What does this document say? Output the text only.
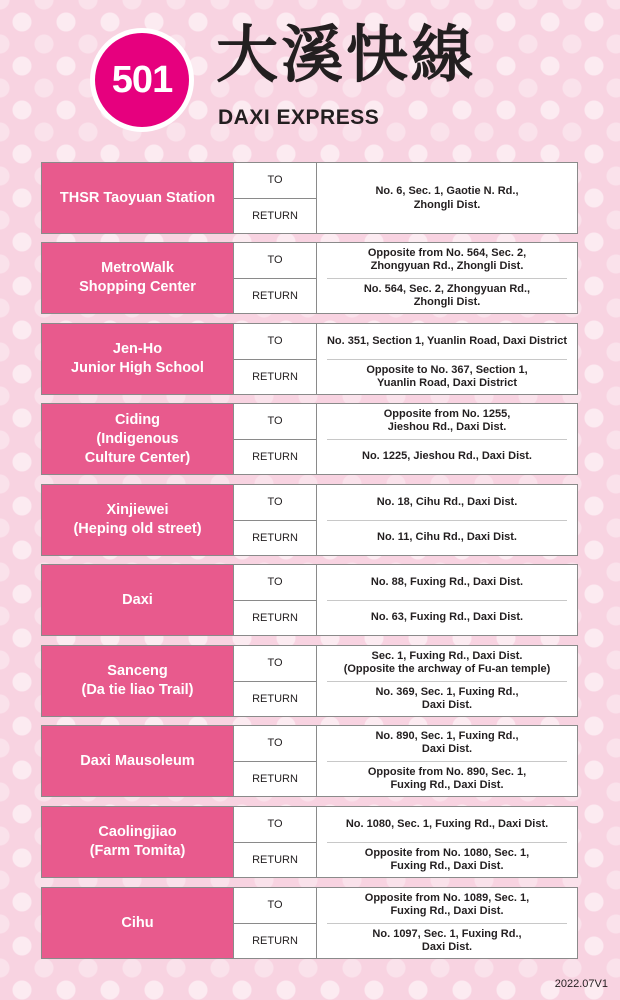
501 大溪快線
DAXI EXPRESS
THSR Taoyuan Station
TO
RETURN
No. 6, Sec. 1, Gaotie N. Rd.,
Zhongli Dist.
MetroWalk
Shopping Center
TO
RETURN
Opposite from No. 564, Sec. 2,
Zhongyuan Rd., Zhongli Dist.
No. 564, Sec. 2, Zhongyuan Rd.,
Zhongli Dist.
Jen-Ho
Junior High School
TO
RETURN
No. 351, Section 1, Yuanlin Road, Daxi District
Opposite to No. 367, Section 1,
Yuanlin Road, Daxi District
Ciding
(Indigenous
Culture Center)
TO
RETURN
Opposite from No. 1255,
Jieshou Rd., Daxi Dist.
No. 1225, Jieshou Rd., Daxi Dist.
Xinjiewei
(Heping old street)
TO
RETURN
No. 18, Cihu Rd., Daxi Dist.
No. 11, Cihu Rd., Daxi Dist.
Daxi
TO
RETURN
No. 88, Fuxing Rd., Daxi Dist.
No. 63, Fuxing Rd., Daxi Dist.
Sanceng
(Da tie liao Trail)
TO
RETURN
Sec. 1, Fuxing Rd., Daxi Dist.
(Opposite the archway of Fu-an temple)
No. 369, Sec. 1, Fuxing Rd.,
Daxi Dist.
Daxi Mausoleum
TO
RETURN
No. 890, Sec. 1, Fuxing Rd.,
Daxi Dist.
Opposite from No. 890, Sec. 1,
Fuxing Rd., Daxi Dist.
Caolingjiao
(Farm Tomita)
TO
RETURN
No. 1080, Sec. 1, Fuxing Rd., Daxi Dist.
Opposite from No. 1080, Sec. 1,
Fuxing Rd., Daxi Dist.
Cihu
TO
RETURN
Opposite from No. 1089, Sec. 1,
Fuxing Rd., Daxi Dist.
No. 1097, Sec. 1, Fuxing Rd.,
Daxi Dist.
2022.07V1
